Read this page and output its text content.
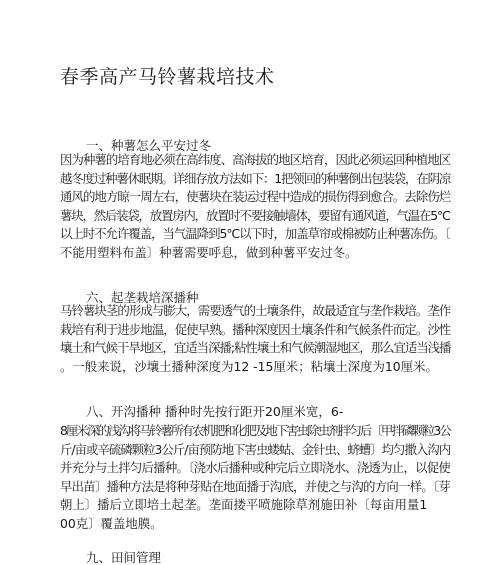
春季高产马铃薯栽培技术

一、种薯怎么平安过冬

因为种薯的培育地必须在高纬度、高海拔的地区培育，因此必须运回种植地区
越冬度过种薯休眠期。详细存放方法如下：1把领回的种薯倒出包装袋，在阴凉
通风的地方晾一周左右，使薯块在装运过程中造成的损伤得到愈合。去除伤烂
薯块，然后装袋，放置房内，放置时不要接触墙体，要留有通风道，气温在5℃
以上时不允许覆盖，当气温降到5℃以下时，加盖草帘或棉被防止种薯冻伤。〔
不能用塑料布盖〕种薯需要呼息，做到种薯平安过冬。

六、起垄栽培深播种

马铃薯块茎的形成与膨大，需要透气的土壤条件，故最适宜与垄作栽培。垄作
栽培有利于进步地温，促使早熟。播种深度因土壤条件和气候条件而定。沙性
壤土和气候干旱地区，宜适当深播;粘性壤土和气候潮湿地区，那么宜适当浅播
。一般来说，沙壤土播种深度为12 -15厘米；粘壤土深度为10厘米。

八、开沟播种 播种时先按行距开20厘米宽，6-

8厘米深的浅沟将马铃薯所有农机肥和化肥及地下害虫除虫剂拌匀后〔甲拌磷颗粒3公
斤/亩或辛硫磷颗粒3公斤/亩预防地下害虫蝼蛄、金针虫、蛴螬〕均匀撒入沟内
并充分与土拌匀后播种。〔浇水后播种或种完后立即浇水、浇透为止，以促使
早出苗〕播种方法是将种芽贴在地面播于沟底，并使之与沟的方向一样。〔芽
朝上〕播后立即培土起垄。垄面搂平喷施除草剂施田补〔每亩用量1
00克〕覆盖地膜。

九、田间管理
